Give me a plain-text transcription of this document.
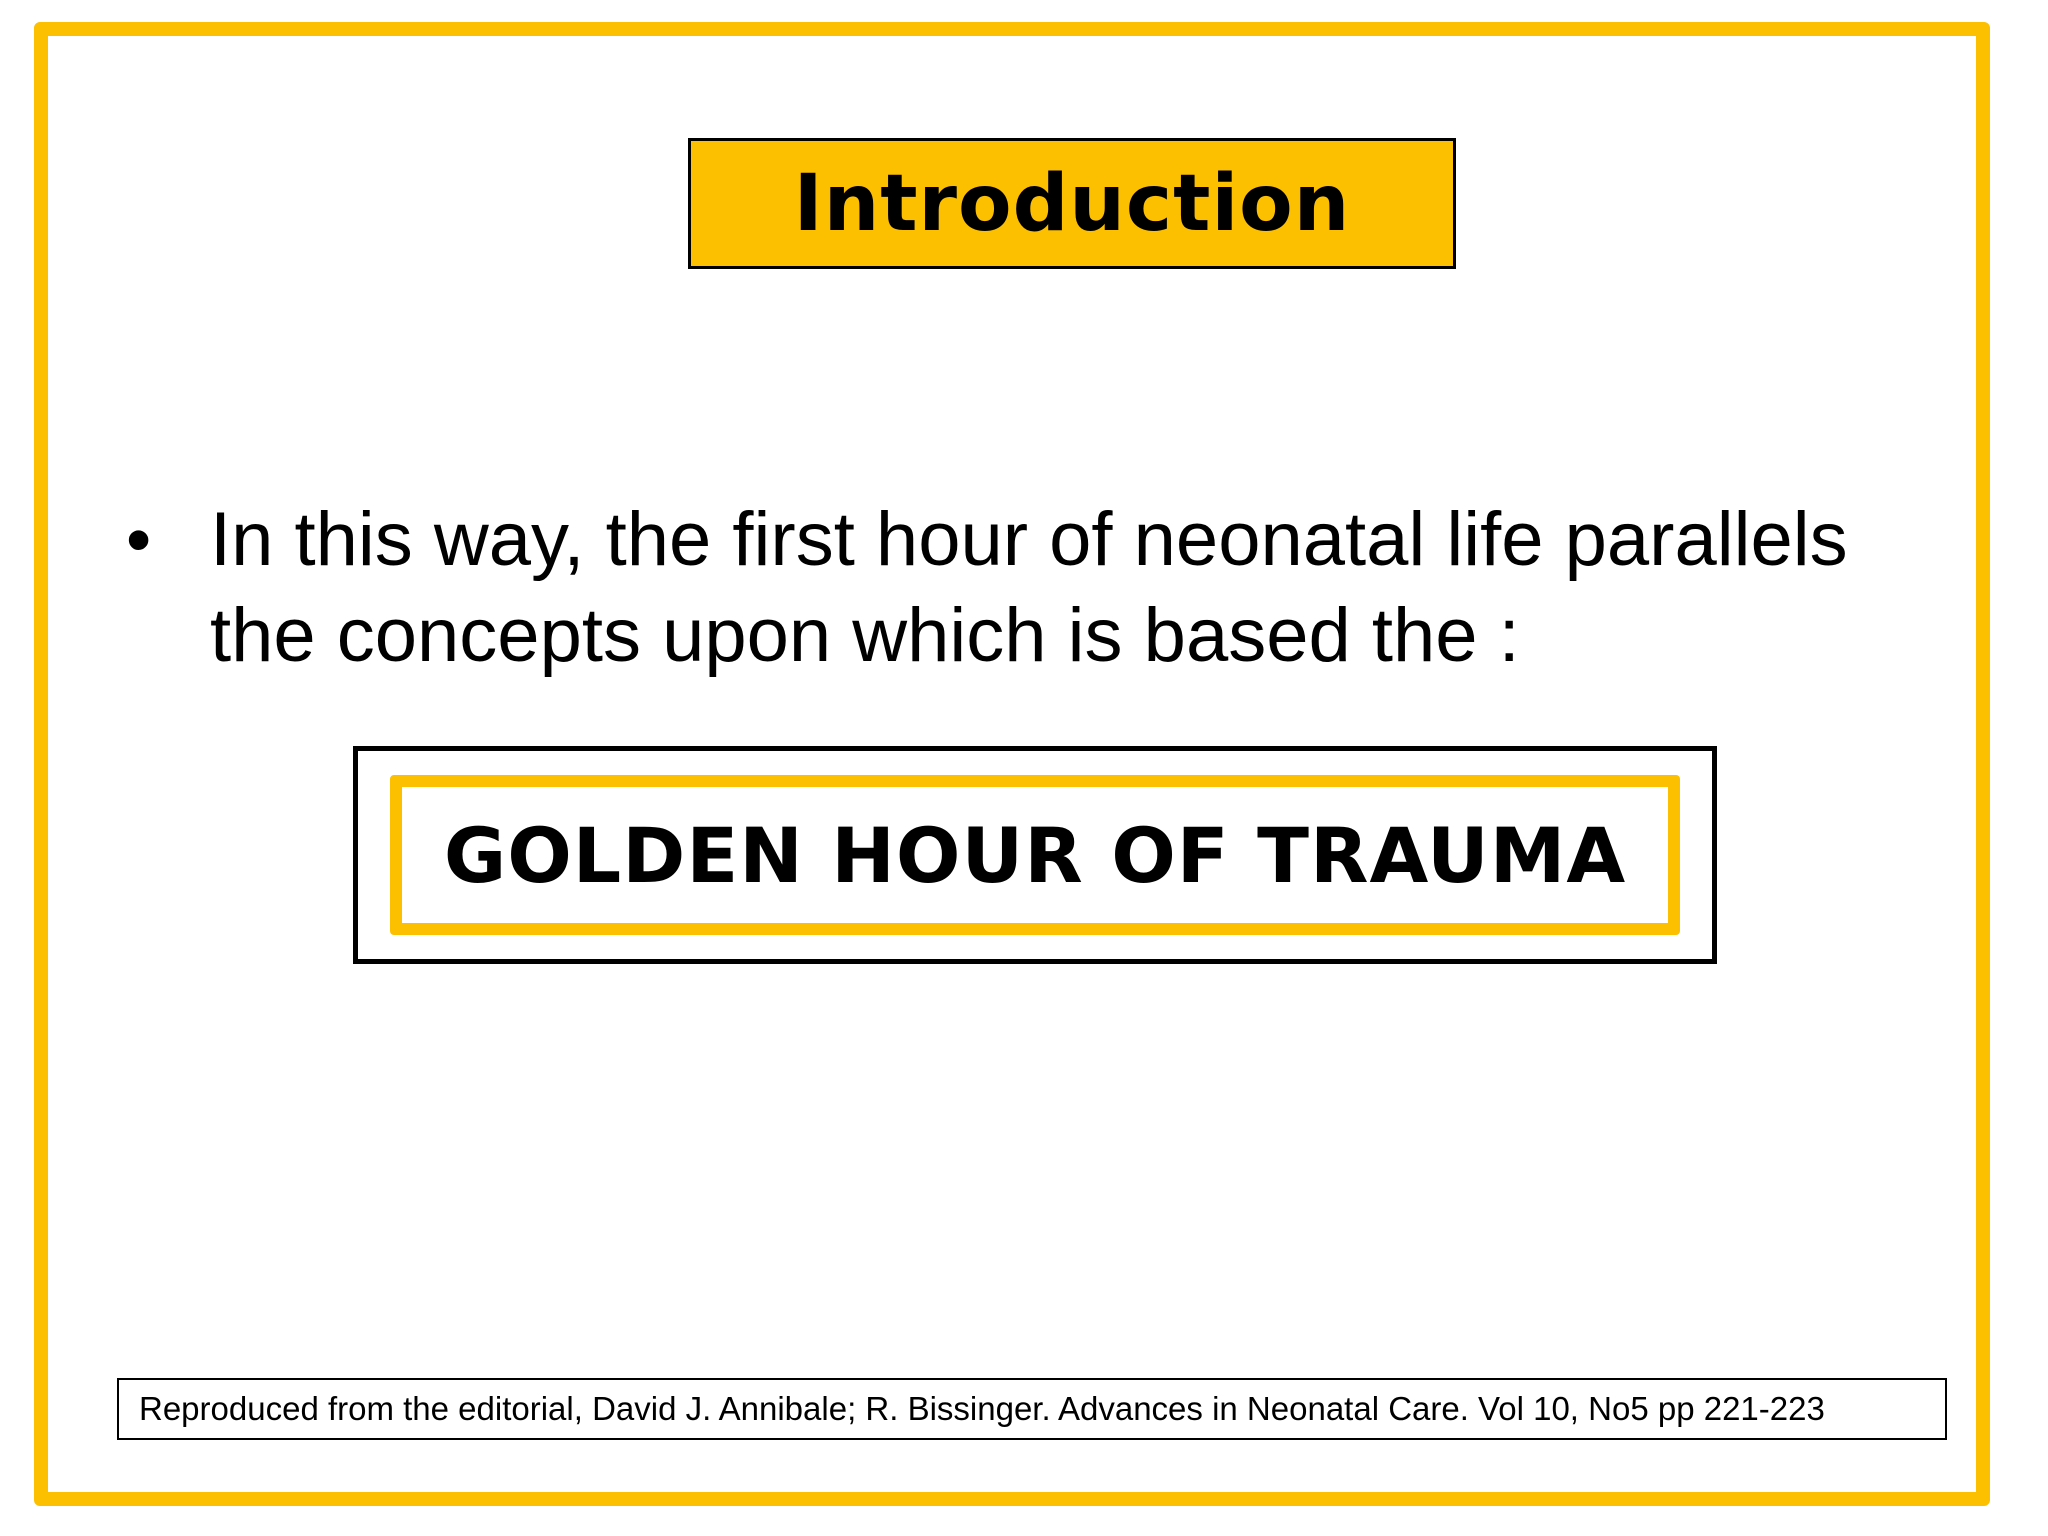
Introduction
• In this way, the first hour of neonatal life parallels the concepts upon which is based the :
GOLDEN HOUR OF TRAUMA
Reproduced from the editorial, David J. Annibale; R. Bissinger. Advances in Neonatal Care. Vol 10, No5 pp 221-223
